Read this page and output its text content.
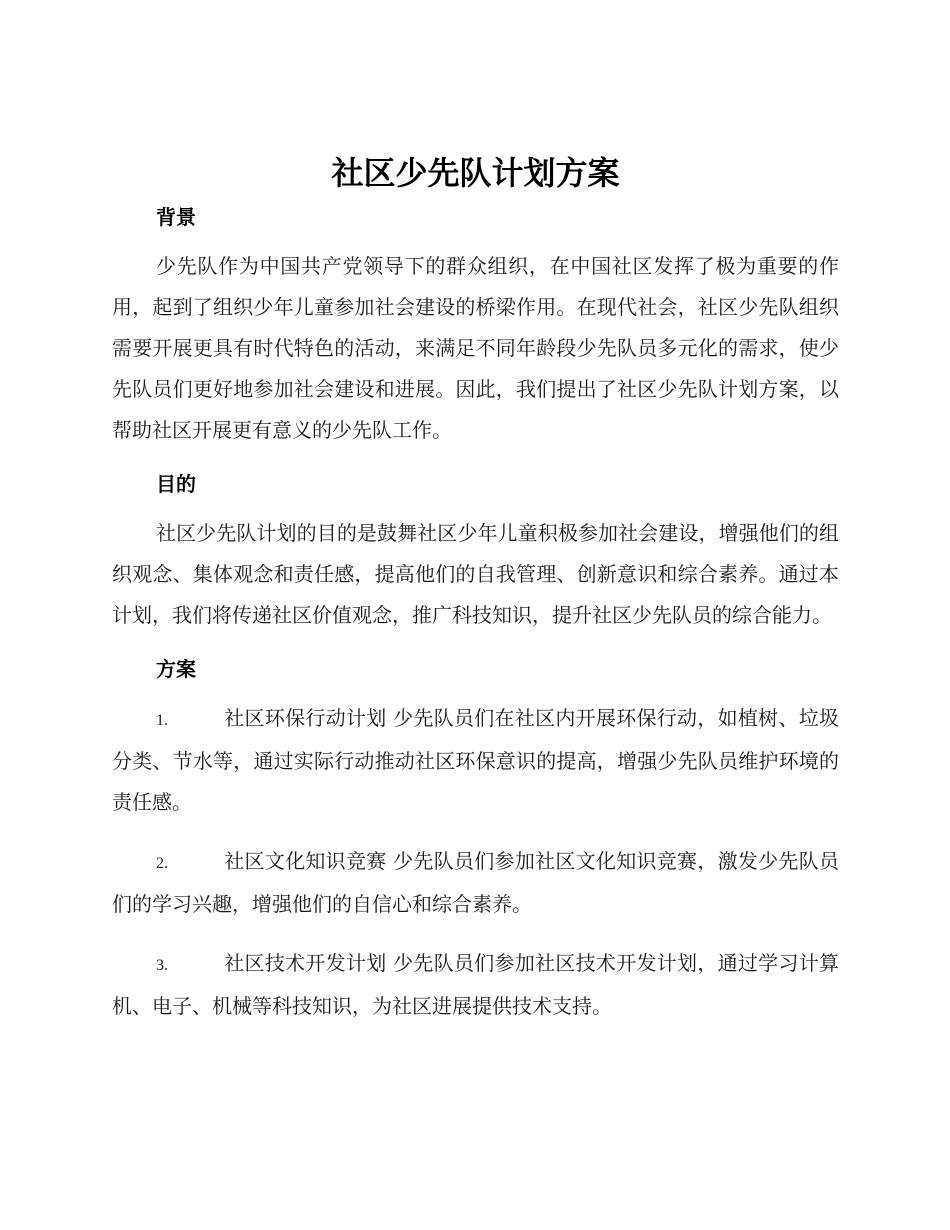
社区少先队计划方案
背景

少先队作为中国共产党领导下的群众组织，在中国社区发挥了极为重要的作用，起到了组织少年儿童参加社会建设的桥梁作用。在现代社会，社区少先队组织需要开展更具有时代特色的活动，来满足不同年龄段少先队员多元化的需求，使少先队员们更好地参加社会建设和进展。因此，我们提出了社区少先队计划方案，以帮助社区开展更有意义的少先队工作。

目的

社区少先队计划的目的是鼓舞社区少年儿童积极参加社会建设，增强他们的组织观念、集体观念和责任感，提高他们的自我管理、创新意识和综合素养。通过本计划，我们将传递社区价值观念，推广科技知识，提升社区少先队员的综合能力。

方案

1.	社区环保行动计划 少先队员们在社区内开展环保行动，如植树、垃圾分类、节水等，通过实际行动推动社区环保意识的提高，增强少先队员维护环境的责任感。

2.	社区文化知识竞赛 少先队员们参加社区文化知识竞赛，激发少先队员们的学习兴趣，增强他们的自信心和综合素养。

3.	社区技术开发计划 少先队员们参加社区技术开发计划，通过学习计算机、电子、机械等科技知识，为社区进展提供技术支持。
